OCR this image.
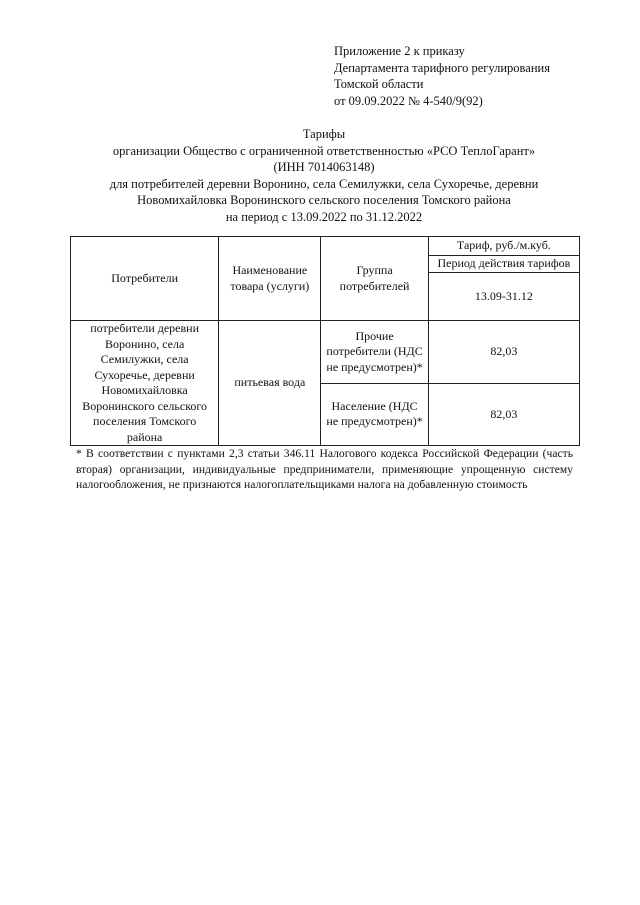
Приложение 2 к приказу
Департамента тарифного регулирования
Томской области
от 09.09.2022 № 4-540/9(92)
Тарифы
организации Общество с ограниченной ответственностью «РСО ТеплоГарант»
(ИНН 7014063148)
для потребителей деревни Воронино, села Семилужки, села Сухоречье, деревни
Новомихайловка Воронинского сельского поселения Томского района
на период с 13.09.2022 по 31.12.2022
Потребители	Наименование товара (услуги)	Группа потребителей	Тариф, руб./м.куб.
			Период действия тарифов
			13.09-31.12
потребители деревни Воронино, села Семилужки, села Сухоречье, деревни Новомихайловка Воронинского сельского поселения Томского района	питьевая вода	Прочие потребители (НДС не предусмотрен)*	82,03
		Население (НДС не предусмотрен)*	82,03
* В соответствии с пунктами 2,3 статьи 346.11 Налогового кодекса Российской Федерации (часть вторая) организации, индивидуальные предприниматели, применяющие упрощенную систему налогообложения, не признаются налогоплательщиками налога на добавленную стоимость
